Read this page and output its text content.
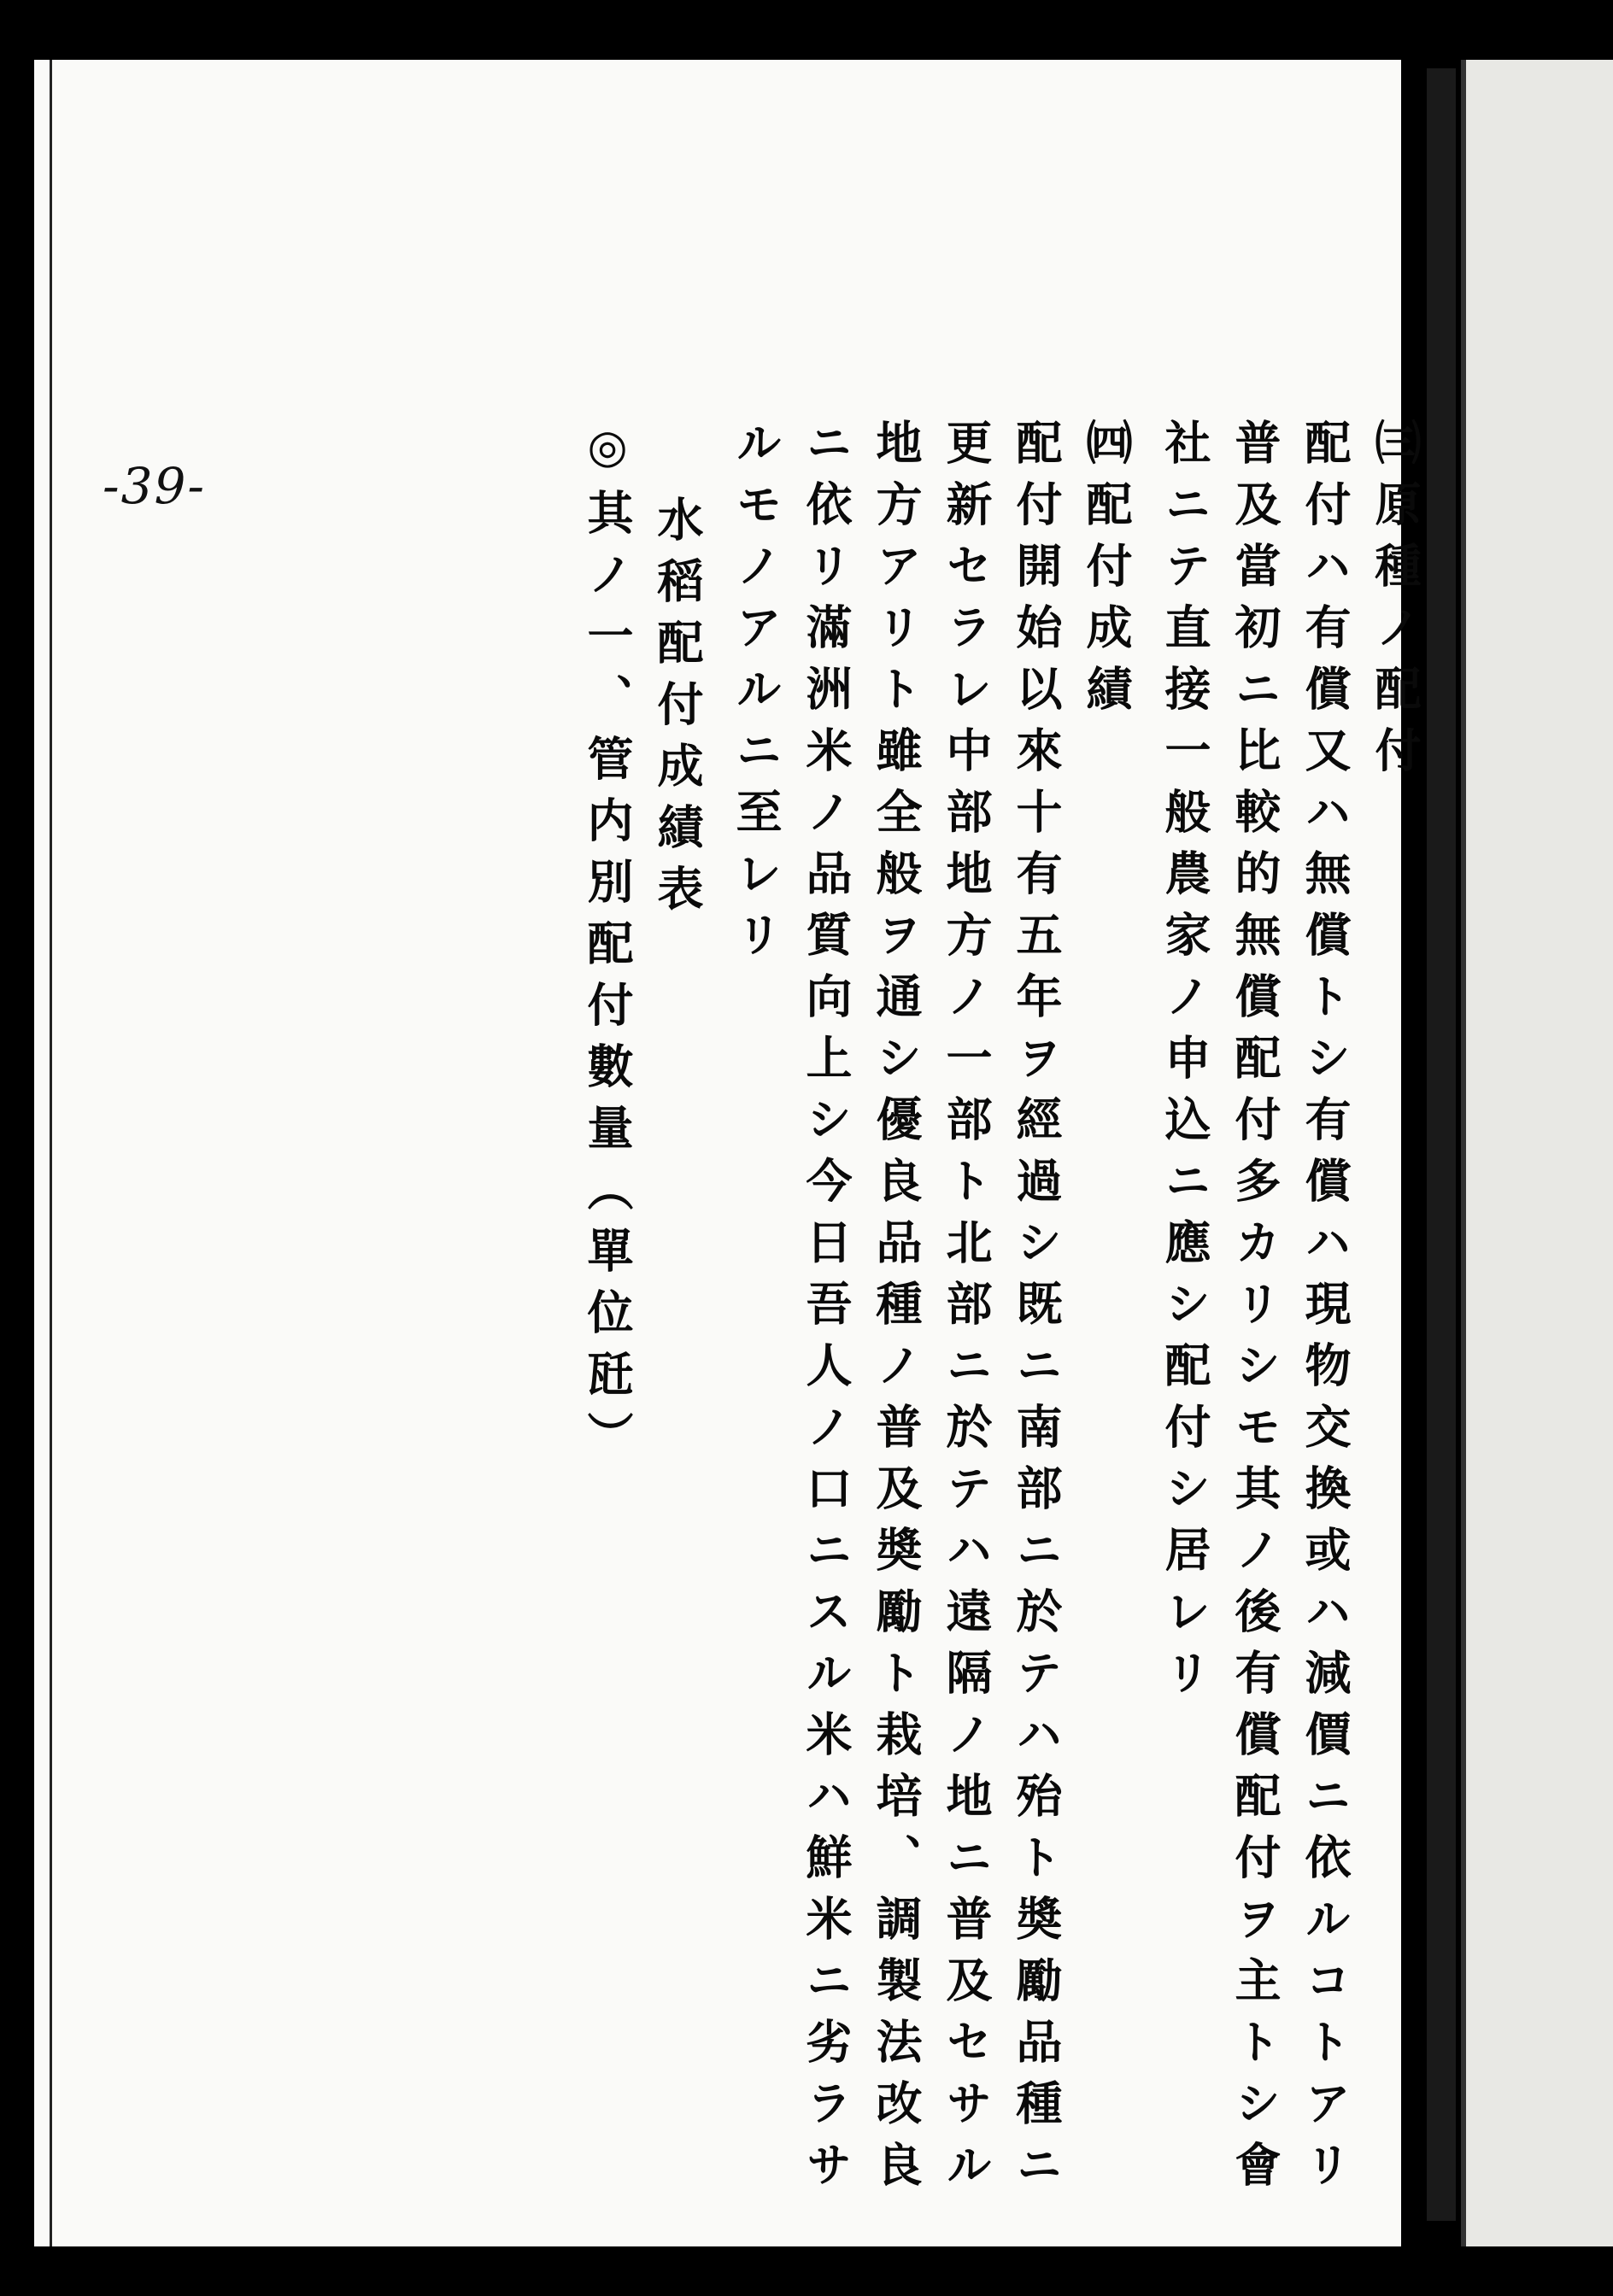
-39-	㈢原種ノ配付
配付ハ有償又ハ無償トシ有償ハ現物交換或ハ減價ニ依ルコトアリ
普及當初ニ比較的無償配付多カリシモ其ノ後有償配付ヲ主トシ會
社ニテ直接一般農家ノ申込ニ應シ配付シ居レリ
㈣配付成績
配付開始以來十有五年ヲ經過シ既ニ南部ニ於テハ殆ト奬勵品種ニ
更新セラレ中部地方ノ一部ト北部ニ於テハ遠隔ノ地ニ普及セサル
地方アリト雖全般ヲ通シ優良品種ノ普及奬勵ト栽培、調製法改良
ニ依リ滿洲米ノ品質向上シ今日吾人ノ口ニスル米ハ鮮米ニ劣ラサ
ルモノアルニ至レリ
水稻配付成績表
◎其ノ一、管内別配付數量（單位瓩）
